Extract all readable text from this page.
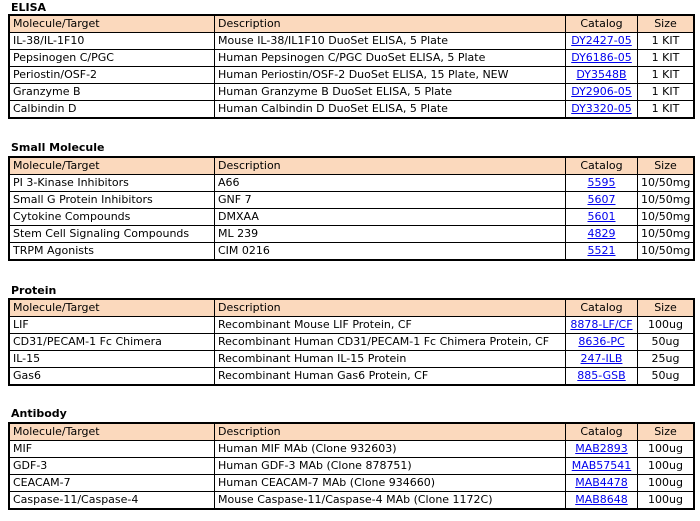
ELISA
Molecule/Target	Description	Catalog	Size
IL-38/IL-1F10	Mouse IL-38/IL1F10 DuoSet ELISA, 5 Plate	DY2427-05	1 KIT
Pepsinogen C/PGC	Human Pepsinogen C/PGC DuoSet ELISA, 5 Plate	DY6186-05	1 KIT
Periostin/OSF-2	Human Periostin/OSF-2 DuoSet ELISA, 15 Plate, NEW	DY3548B	1 KIT
Granzyme B	Human Granzyme B DuoSet ELISA, 5 Plate	DY2906-05	1 KIT
Calbindin D	Human Calbindin D DuoSet ELISA, 5 Plate	DY3320-05	1 KIT
Small Molecule
Molecule/Target	Description	Catalog	Size
PI 3-Kinase Inhibitors	A66	5595	10/50mg
Small G Protein Inhibitors	GNF 7	5607	10/50mg
Cytokine Compounds	DMXAA	5601	10/50mg
Stem Cell Signaling Compounds	ML 239	4829	10/50mg
TRPM Agonists	CIM 0216	5521	10/50mg
Protein
Molecule/Target	Description	Catalog	Size
LIF	Recombinant Mouse LIF Protein, CF	8878-LF/CF	100ug
CD31/PECAM-1 Fc Chimera	Recombinant Human CD31/PECAM-1 Fc Chimera Protein, CF	8636-PC	50ug
IL-15	Recombinant Human IL-15 Protein	247-ILB	25ug
Gas6	Recombinant Human Gas6 Protein, CF	885-GSB	50ug
Antibody
Molecule/Target	Description	Catalog	Size
MIF	Human MIF MAb (Clone 932603)	MAB2893	100ug
GDF-3	Human GDF-3 MAb (Clone 878751)	MAB57541	100ug
CEACAM-7	Human CEACAM-7 MAb (Clone 934660)	MAB4478	100ug
Caspase-11/Caspase-4	Mouse Caspase-11/Caspase-4 MAb (Clone 1172C)	MAB8648	100ug
